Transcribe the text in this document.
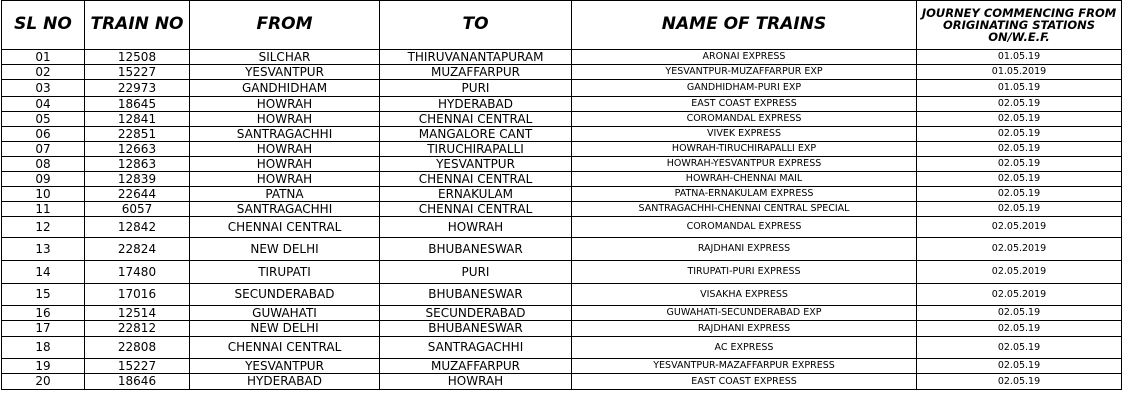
SL NO	TRAIN NO	FROM	TO	NAME OF TRAINS	JOURNEY COMMENCING FROM ORIGINATING STATIONS ON/W.E.F.
01	12508	SILCHAR	THIRUVANANTAPURAM	ARONAI EXPRESS	01.05.19
02	15227	YESVANTPUR	MUZAFFARPUR	YESVANTPUR-MUZAFFARPUR EXP	01.05.2019
03	22973	GANDHIDHAM	PURI	GANDHIDHAM-PURI EXP	01.05.19
04	18645	HOWRAH	HYDERABAD	EAST COAST EXPRESS	02.05.19
05	12841	HOWRAH	CHENNAI CENTRAL	COROMANDAL EXPRESS	02.05.19
06	22851	SANTRAGACHHI	MANGALORE CANT	VIVEK EXPRESS	02.05.19
07	12663	HOWRAH	TIRUCHIRAPALLI	HOWRAH-TIRUCHIRAPALLI EXP	02.05.19
08	12863	HOWRAH	YESVANTPUR	HOWRAH-YESVANTPUR EXPRESS	02.05.19
09	12839	HOWRAH	CHENNAI CENTRAL	HOWRAH-CHENNAI MAIL	02.05.19
10	22644	PATNA	ERNAKULAM	PATNA-ERNAKULAM EXPRESS	02.05.19
11	6057	SANTRAGACHHI	CHENNAI CENTRAL	SANTRAGACHHI-CHENNAI CENTRAL SPECIAL	02.05.19
12	12842	CHENNAI CENTRAL	HOWRAH	COROMANDAL EXPRESS	02.05.2019
13	22824	NEW DELHI	BHUBANESWAR	RAJDHANI EXPRESS	02.05.2019
14	17480	TIRUPATI	PURI	TIRUPATI-PURI EXPRESS	02.05.2019
15	17016	SECUNDERABAD	BHUBANESWAR	VISAKHA EXPRESS	02.05.2019
16	12514	GUWAHATI	SECUNDERABAD	GUWAHATI-SECUNDERABAD EXP	02.05.19
17	22812	NEW DELHI	BHUBANESWAR	RAJDHANI EXPRESS	02.05.19
18	22808	CHENNAI CENTRAL	SANTRAGACHHI	AC EXPRESS	02.05.19
19	15227	YESVANTPUR	MUZAFFARPUR	YESVANTPUR-MAZAFFARPUR EXPRESS	02.05.19
20	18646	HYDERABAD	HOWRAH	EAST COAST EXPRESS	02.05.19
